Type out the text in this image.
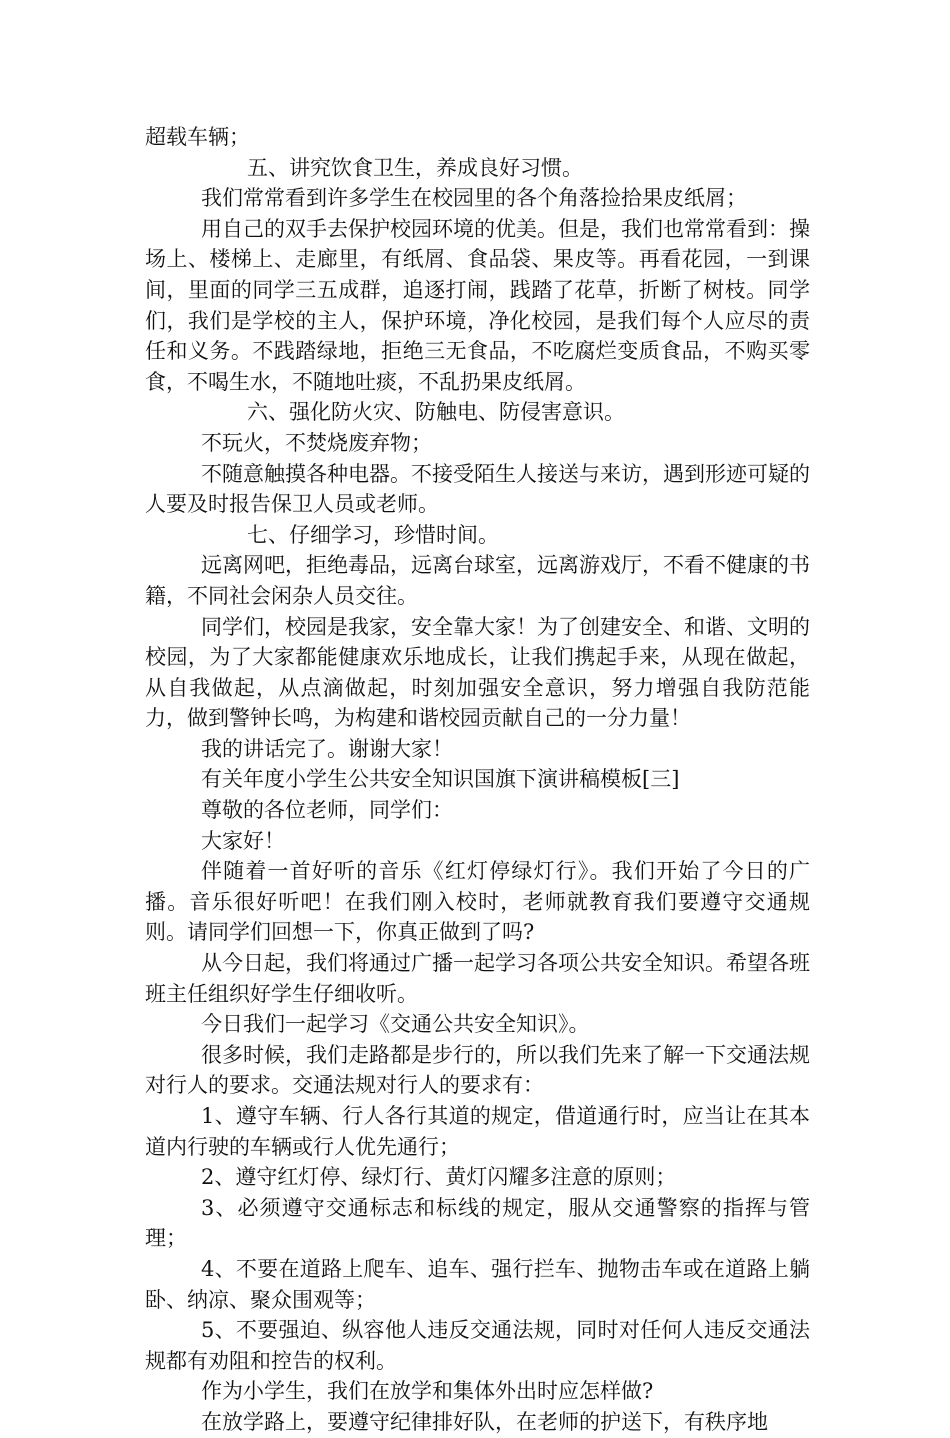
超载车辆；

五、讲究饮食卫生，养成良好习惯。

我们常常看到许多学生在校园里的各个角落捡拾果皮纸屑；

用自己的双手去保护校园环境的优美。但是，我们也常常看到：操场上、楼梯上、走廊里，有纸屑、食品袋、果皮等。再看花园，一到课间，里面的同学三五成群，追逐打闹，践踏了花草，折断了树枝。同学们，我们是学校的主人，保护环境，净化校园，是我们每个人应尽的责任和义务。不践踏绿地，拒绝三无食品，不吃腐烂变质食品，不购买零食，不喝生水，不随地吐痰，不乱扔果皮纸屑。

六、强化防火灾、防触电、防侵害意识。

不玩火，不焚烧废弃物；

不随意触摸各种电器。不接受陌生人接送与来访，遇到形迹可疑的人要及时报告保卫人员或老师。

七、仔细学习，珍惜时间。

远离网吧，拒绝毒品，远离台球室，远离游戏厅，不看不健康的书籍，不同社会闲杂人员交往。

同学们，校园是我家，安全靠大家！为了创建安全、和谐、文明的校园，为了大家都能健康欢乐地成长，让我们携起手来，从现在做起，从自我做起，从点滴做起，时刻加强安全意识，努力增强自我防范能力，做到警钟长鸣，为构建和谐校园贡献自己的一分力量！

我的讲话完了。谢谢大家！

有关年度小学生公共安全知识国旗下演讲稿模板[三]

尊敬的各位老师，同学们：

大家好！

伴随着一首好听的音乐《红灯停绿灯行》。我们开始了今日的广播。音乐很好听吧！在我们刚入校时，老师就教育我们要遵守交通规则。请同学们回想一下，你真正做到了吗?

从今日起，我们将通过广播一起学习各项公共安全知识。希望各班班主任组织好学生仔细收听。

今日我们一起学习《交通公共安全知识》。

很多时候，我们走路都是步行的，所以我们先来了解一下交通法规对行人的要求。交通法规对行人的要求有：

1、遵守车辆、行人各行其道的规定，借道通行时，应当让在其本道内行驶的车辆或行人优先通行；

2、遵守红灯停、绿灯行、黄灯闪耀多注意的原则；

3、必须遵守交通标志和标线的规定，服从交通警察的指挥与管理；

4、不要在道路上爬车、追车、强行拦车、抛物击车或在道路上躺卧、纳凉、聚众围观等；

5、不要强迫、纵容他人违反交通法规，同时对任何人违反交通法规都有劝阻和控告的权利。

作为小学生，我们在放学和集体外出时应怎样做?

在放学路上，要遵守纪律排好队，在老师的护送下，有秩序地
